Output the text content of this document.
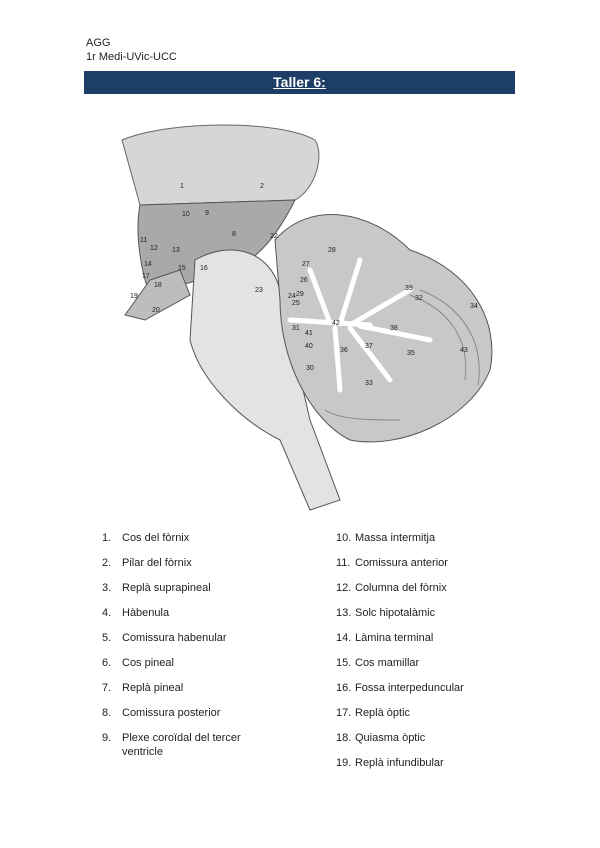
AGG
1r Medi-UVic-UCC
Taller 6:
1	2
9
10
8
11
12 13
14
15 16
17
18
19
20
22
23
24
25
26
27
28
29
30
31
32
33
34
35
36
37
38
39
40
41
42
43
1. Cos del fòrnix
2. Pilar del fòrnix
3. Replà suprapineal
4. Hàbenula
5. Comissura habenular
6. Cos pineal
7. Replà pineal
8. Comissura posterior
9. Plexe coroïdal del tercer ventricle
10. Massa intermitja
11. Comissura anterior
12. Columna del fòrnix
13. Solc hipotalàmic
14. Làmina terminal
15. Cos mamillar
16. Fossa interpeduncular
17. Replà òptic
18. Quiasma òptic
19. Replà infundibular
